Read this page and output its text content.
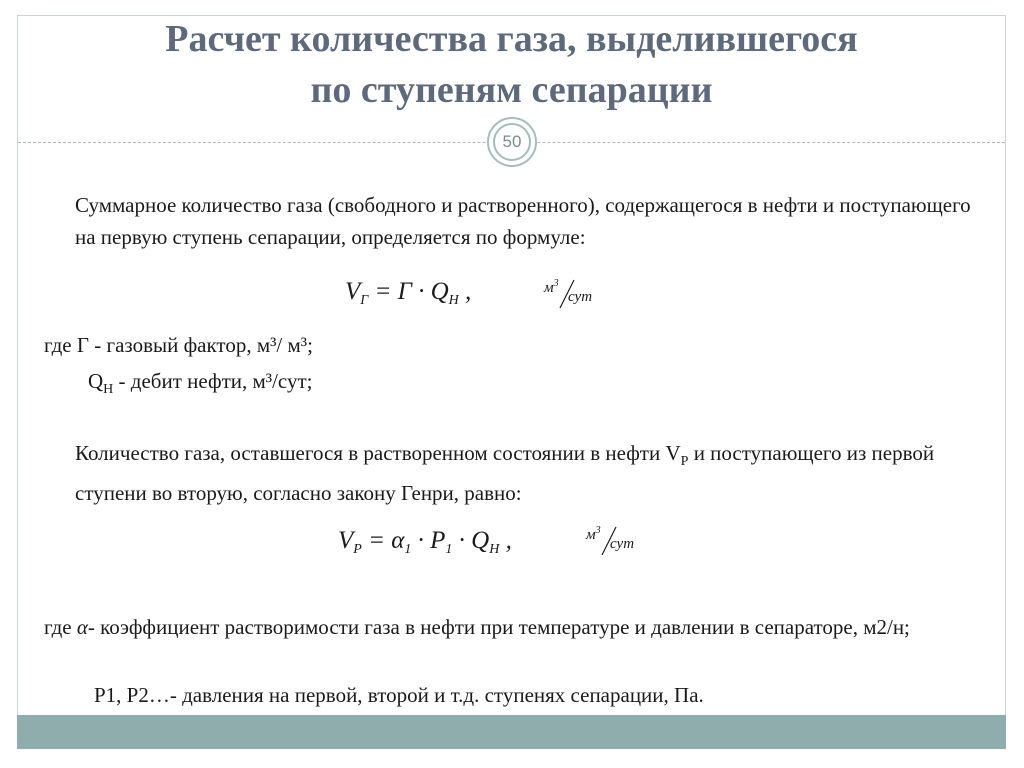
Расчет количества газа, выделившегося
по ступеням сепарации
50
Суммарное количество газа (свободного и растворенного), содержащегося в нефти и поступающего на первую ступень сепарации, определяется по формуле:
$V_Г = Г \cdot Q_Н$ ,	$м^3$
сут
где Г - газовый фактор, м³/ м³;
$Q_Н$ - дебит нефти, м³/сут;
Количество газа, оставшегося в растворенном состоянии в нефти $V_Р$ и поступающего из первой ступени во вторую, согласно закону Генри, равно:
$V_Р = \alpha_1 \cdot P_1 \cdot Q_Н$ ,	$м^3$
сут
где α- коэффициент растворимости газа в нефти при температуре и давлении в сепараторе, м2/н;
Р1, Р2…- давления на первой, второй и т.д. ступенях сепарации, Па.
